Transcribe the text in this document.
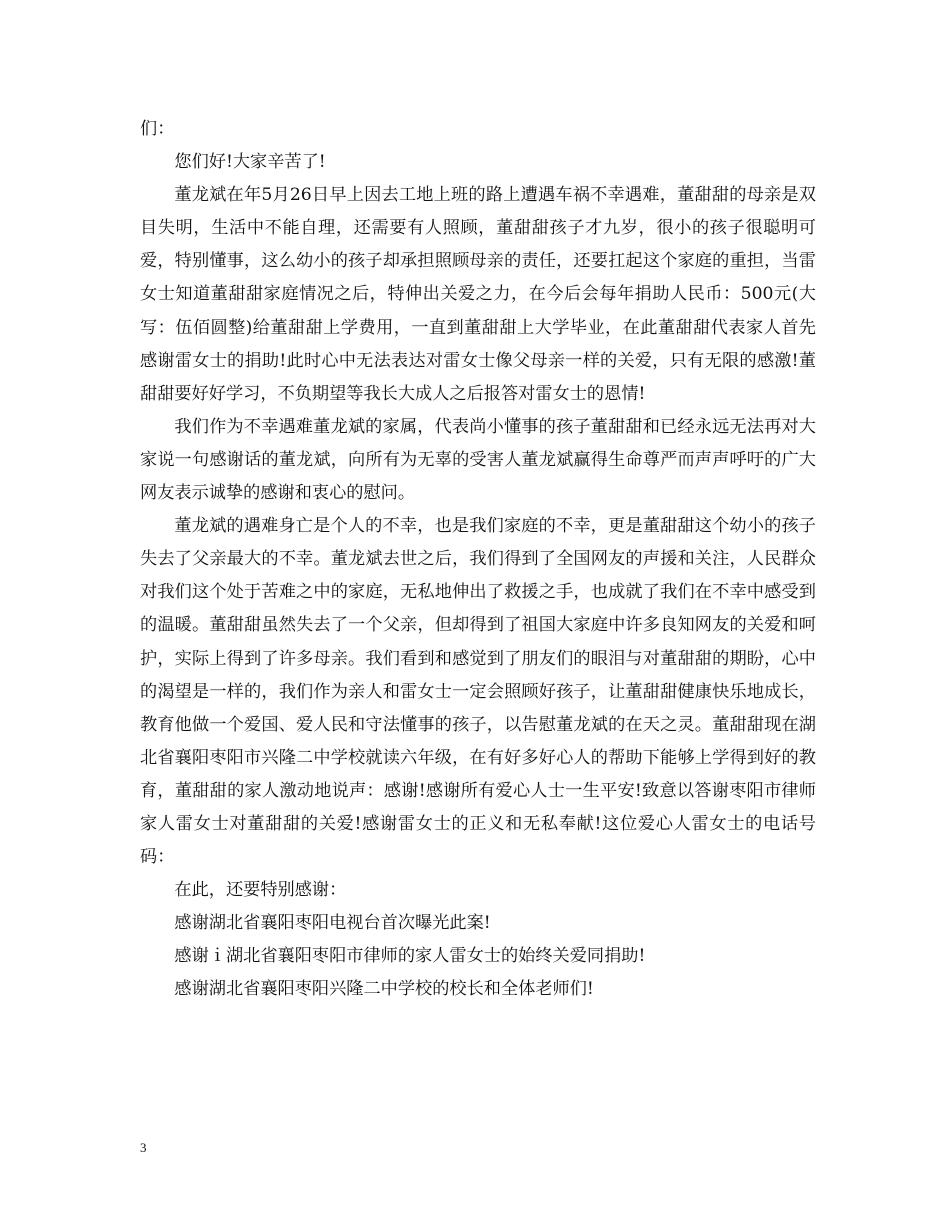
们：

您们好!大家辛苦了!

董龙斌在年5月26日早上因去工地上班的路上遭遇车祸不幸遇难，董甜甜的母亲是双目失明，生活中不能自理，还需要有人照顾，董甜甜孩子才九岁，很小的孩子很聪明可爱，特别懂事，这么幼小的孩子却承担照顾母亲的责任，还要扛起这个家庭的重担，当雷女士知道董甜甜家庭情况之后，特伸出关爱之力，在今后会每年捐助人民币：500元(大写：伍佰圆整)给董甜甜上学费用，一直到董甜甜上大学毕业，在此董甜甜代表家人首先感谢雷女士的捐助!此时心中无法表达对雷女士像父母亲一样的关爱，只有无限的感激!董甜甜要好好学习，不负期望等我长大成人之后报答对雷女士的恩情!

我们作为不幸遇难董龙斌的家属，代表尚小懂事的孩子董甜甜和已经永远无法再对大家说一句感谢话的董龙斌，向所有为无辜的受害人董龙斌赢得生命尊严而声声呼吁的广大网友表示诚挚的感谢和衷心的慰问。

董龙斌的遇难身亡是个人的不幸，也是我们家庭的不幸，更是董甜甜这个幼小的孩子失去了父亲最大的不幸。董龙斌去世之后，我们得到了全国网友的声援和关注，人民群众对我们这个处于苦难之中的家庭，无私地伸出了救援之手，也成就了我们在不幸中感受到的温暖。董甜甜虽然失去了一个父亲，但却得到了祖国大家庭中许多良知网友的关爱和呵护，实际上得到了许多母亲。我们看到和感觉到了朋友们的眼泪与对董甜甜的期盼，心中的渴望是一样的，我们作为亲人和雷女士一定会照顾好孩子，让董甜甜健康快乐地成长，教育他做一个爱国、爱人民和守法懂事的孩子，以告慰董龙斌的在天之灵。董甜甜现在湖北省襄阳枣阳市兴隆二中学校就读六年级，在有好多好心人的帮助下能够上学得到好的教育，董甜甜的家人激动地说声：感谢!感谢所有爱心人士一生平安!致意以答谢枣阳市律师家人雷女士对董甜甜的关爱!感谢雷女士的正义和无私奉献!这位爱心人雷女士的电话号码：

在此，还要特别感谢：

感谢湖北省襄阳枣阳电视台首次曝光此案!

感谢ｉ湖北省襄阳枣阳市律师的家人雷女士的始终关爱同捐助!

感谢湖北省襄阳枣阳兴隆二中学校的校长和全体老师们!

3
